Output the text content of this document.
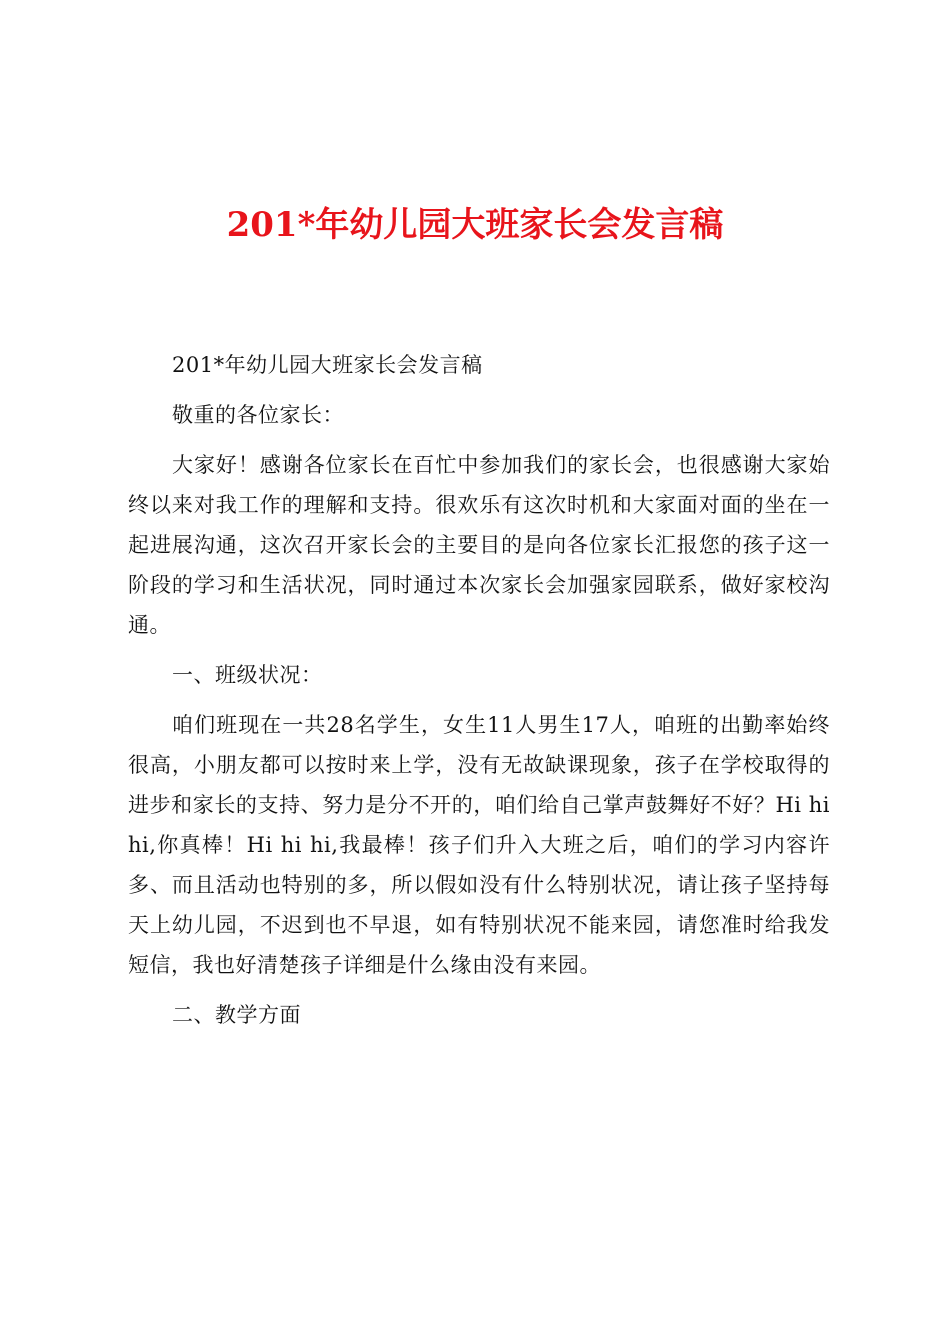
201*年幼儿园大班家长会发言稿

201*年幼儿园大班家长会发言稿

敬重的各位家长：

大家好！感谢各位家长在百忙中参加我们的家长会，也很感谢大家始终以来对我工作的理解和支持。很欢乐有这次时机和大家面对面的坐在一起进展沟通，这次召开家长会的主要目的是向各位家长汇报您的孩子这一阶段的学习和生活状况，同时通过本次家长会加强家园联系，做好家校沟通。

一、班级状况：

咱们班现在一共28名学生，女生11人男生17人，咱班的出勤率始终很高，小朋友都可以按时来上学，没有无故缺课现象，孩子在学校取得的进步和家长的支持、努力是分不开的，咱们给自己掌声鼓舞好不好？Hi hi hi,你真棒！Hi hi hi,我最棒！孩子们升入大班之后，咱们的学习内容许多、而且活动也特别的多，所以假如没有什么特别状况，请让孩子坚持每天上幼儿园，不迟到也不早退，如有特别状况不能来园，请您准时给我发短信，我也好清楚孩子详细是什么缘由没有来园。

二、教学方面
